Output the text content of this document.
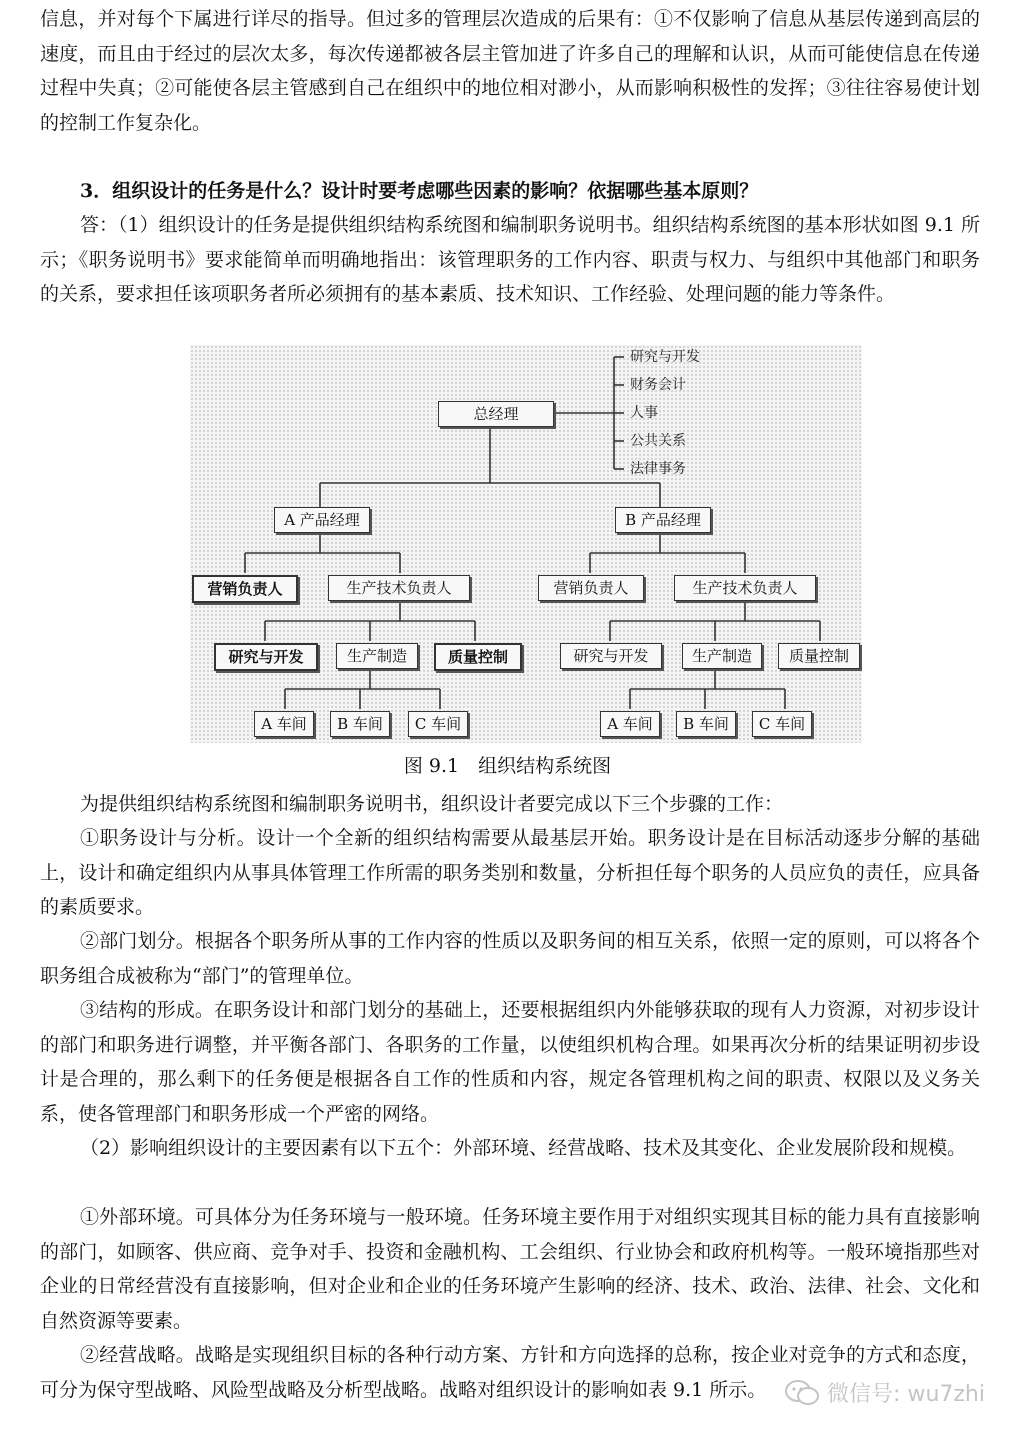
信息，并对每个下属进行详尽的指导。但过多的管理层次造成的后果有：①不仅影响了信息从基层传递到高层的速度，而且由于经过的层次太多，每次传递都被各层主管加进了许多自己的理解和认识，从而可能使信息在传递过程中失真；②可能使各层主管感到自己在组织中的地位相对渺小，从而影响积极性的发挥；③往往容易使计划的控制工作复杂化。

3．组织设计的任务是什么？设计时要考虑哪些因素的影响？依据哪些基本原则？

答：（1）组织设计的任务是提供组织结构系统图和编制职务说明书。组织结构系统图的基本形状如图 9.1 所示；《职务说明书》要求能简单而明确地指出：该管理职务的工作内容、职责与权力、与组织中其他部门和职务的关系，要求担任该项职务者所必须拥有的基本素质、技术知识、工作经验、处理问题的能力等条件。

研究与开发
财务会计
人事
公共关系
法律事务
总经理
A 产品经理	B 产品经理
营销负责人	生产技术负责人	营销负责人	生产技术负责人
研究与开发	生产制造	质量控制	研究与开发	生产制造	质量控制
A 车间	B 车间	C 车间	A 车间	B 车间	C 车间
图 9.1　组织结构系统图

为提供组织结构系统图和编制职务说明书，组织设计者要完成以下三个步骤的工作：

①职务设计与分析。设计一个全新的组织结构需要从最基层开始。职务设计是在目标活动逐步分解的基础上，设计和确定组织内从事具体管理工作所需的职务类别和数量，分析担任每个职务的人员应负的责任，应具备的素质要求。

②部门划分。根据各个职务所从事的工作内容的性质以及职务间的相互关系，依照一定的原则，可以将各个职务组合成被称为“部门”的管理单位。

③结构的形成。在职务设计和部门划分的基础上，还要根据组织内外能够获取的现有人力资源，对初步设计的部门和职务进行调整，并平衡各部门、各职务的工作量，以使组织机构合理。如果再次分析的结果证明初步设计是合理的，那么剩下的任务便是根据各自工作的性质和内容，规定各管理机构之间的职责、权限以及义务关系，使各管理部门和职务形成一个严密的网络。

（2）影响组织设计的主要因素有以下五个：外部环境、经营战略、技术及其变化、企业发展阶段和规模。

①外部环境。可具体分为任务环境与一般环境。任务环境主要作用于对组织实现其目标的能力具有直接影响的部门，如顾客、供应商、竞争对手、投资和金融机构、工会组织、行业协会和政府机构等。一般环境指那些对企业的日常经营没有直接影响，但对企业和企业的任务环境产生影响的经济、技术、政治、法律、社会、文化和自然资源等要素。

②经营战略。战略是实现组织目标的各种行动方案、方针和方向选择的总称，按企业对竞争的方式和态度，可分为保守型战略、风险型战略及分析型战略。战略对组织设计的影响如表 9.1 所示。	微信号: wu7zhi
